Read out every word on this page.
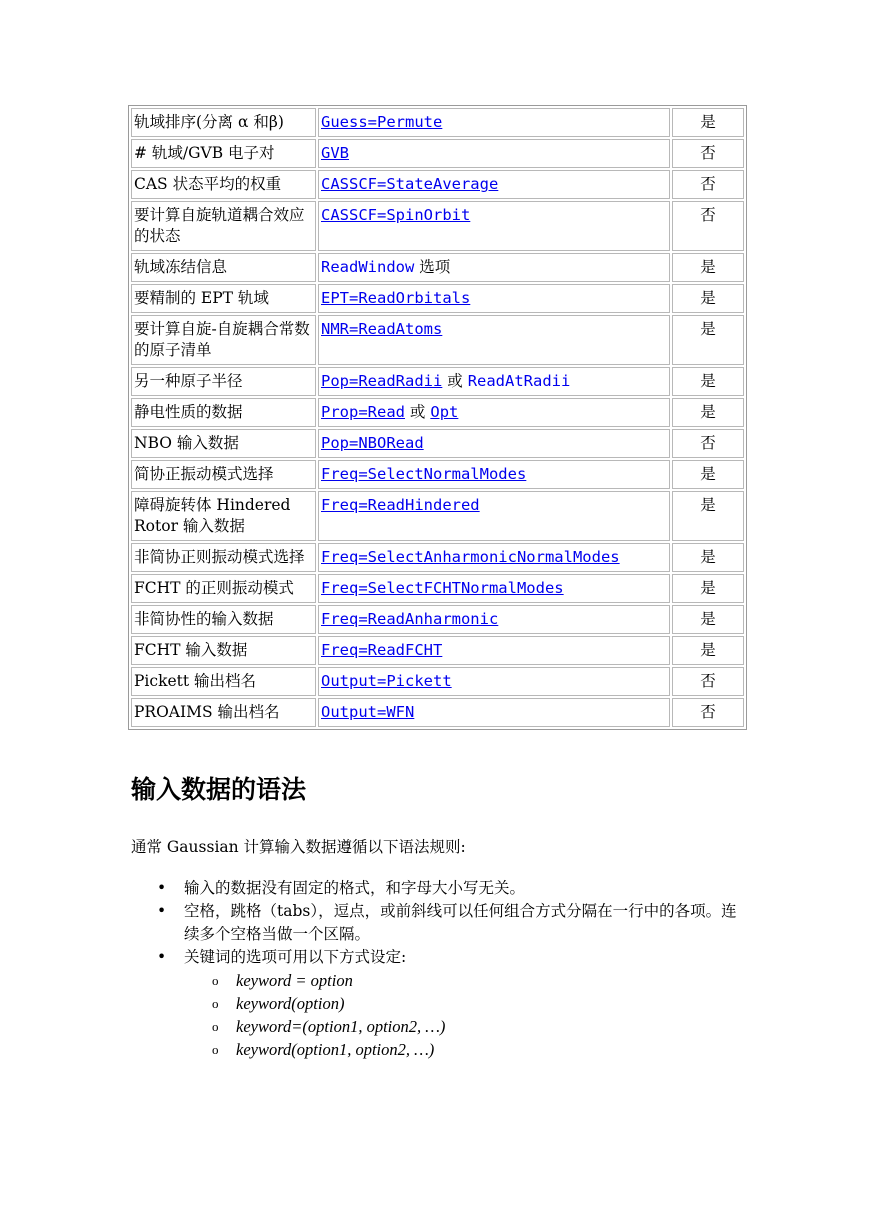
轨域排序(分离 α 和β)	Guess=Permute	是
# 轨域/GVB 电子对	GVB	否
CAS 状态平均的权重	CASSCF=StateAverage	否
要计算自旋轨道耦合效应的状态	CASSCF=SpinOrbit	否
轨域冻结信息	ReadWindow 选项	是
要精制的 EPT 轨域	EPT=ReadOrbitals	是
要计算自旋-自旋耦合常数的原子清单	NMR=ReadAtoms	是
另一种原子半径	Pop=ReadRadii 或 ReadAtRadii	是
静电性质的数据	Prop=Read 或 Opt	是
NBO 输入数据	Pop=NBORead	否
简协正振动模式选择	Freq=SelectNormalModes	是
障碍旋转体 Hindered Rotor 输入数据	Freq=ReadHindered	是
非简协正则振动模式选择	Freq=SelectAnharmonicNormalModes	是
FCHT 的正则振动模式	Freq=SelectFCHTNormalModes	是
非简协性的输入数据	Freq=ReadAnharmonic	是
FCHT 输入数据	Freq=ReadFCHT	是
Pickett 输出档名	Output=Pickett	否
PROAIMS 输出档名	Output=WFN	否
输入数据的语法

通常 Gaussian 计算输入数据遵循以下语法规则:

• 输入的数据没有固定的格式，和字母大小写无关。
• 空格，跳格（tabs），逗点，或前斜线可以任何组合方式分隔在一行中的各项。连续多个空格当做一个区隔。
• 关键词的选项可用以下方式设定:
o keyword = option
o keyword(option)
o keyword=(option1, option2, …)
o keyword(option1, option2, …)
